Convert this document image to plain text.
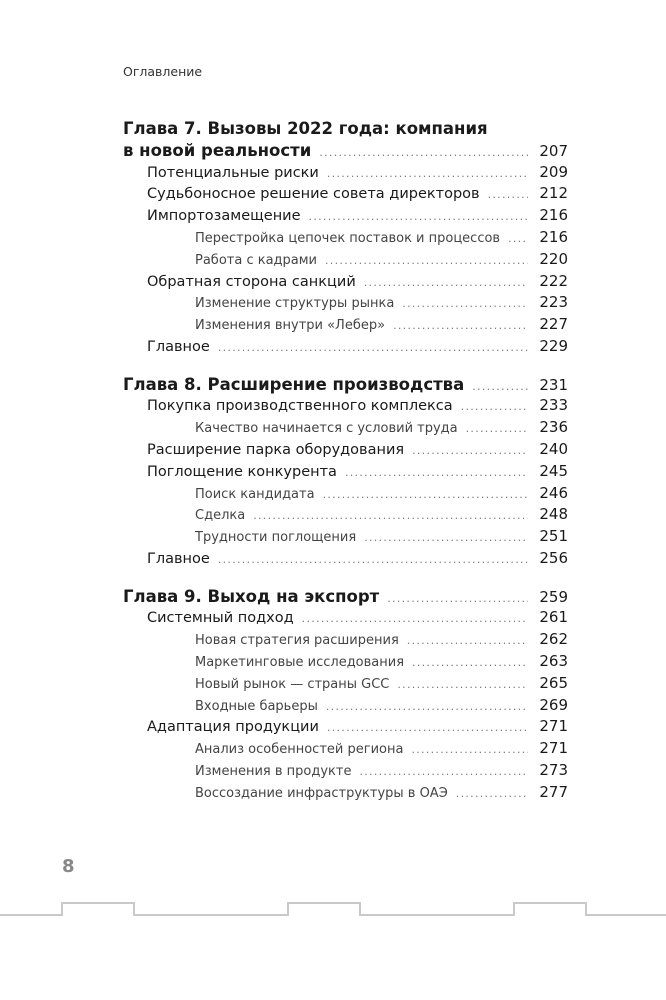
Оглавление
Глава 7. Вызовы 2022 года: компания
в новой реальности .....	207
Потенциальные риски .....	209
Судьбоносное решение совета директоров .....	212
Импортозамещение .....	216
Перестройка цепочек поставок и процессов .....	216
Работа с кадрами .....	220
Обратная сторона санкций .....	222
Изменение структуры рынка .....	223
Изменения внутри «Лебер» .....	227
Главное .....	229
Глава 8. Расширение производства .....	231
Покупка производственного комплекса .....	233
Качество начинается с условий труда .....	236
Расширение парка оборудования .....	240
Поглощение конкурента .....	245
Поиск кандидата .....	246
Сделка .....	248
Трудности поглощения .....	251
Главное .....	256
Глава 9. Выход на экспорт .....	259
Системный подход .....	261
Новая стратегия расширения .....	262
Маркетинговые исследования .....	263
Новый рынок — страны GCC .....	265
Входные барьеры .....	269
Адаптация продукции .....	271
Анализ особенностей региона .....	271
Изменения в продукте .....	273
Воссоздание инфраструктуры в ОАЭ .....	277
8
